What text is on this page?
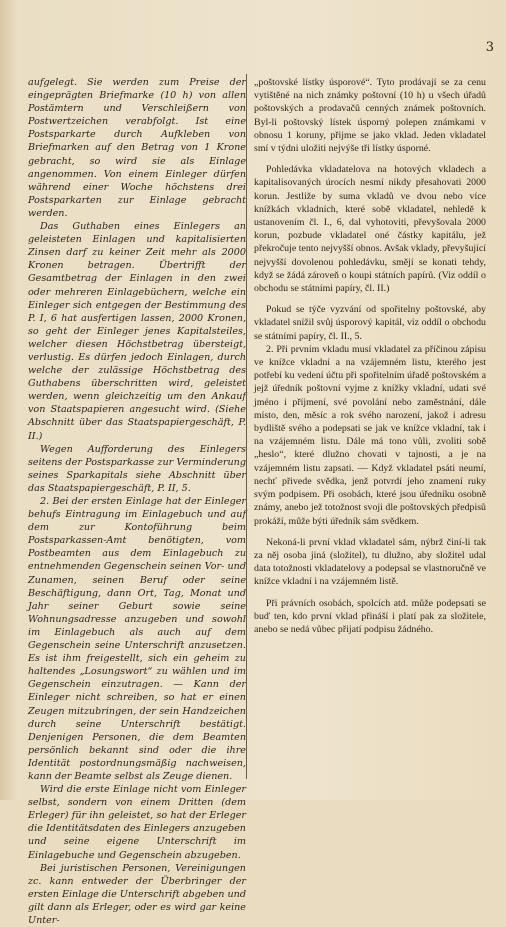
3

aufgelegt. Sie werden zum Preise der eingeprägten Briefmarke (10 h) von allen Postämtern und Verschleißern von Postwertzeichen verabfolgt. Ist eine Postsparkarte durch Aufkleben von Briefmarken auf den Betrag von 1 Krone gebracht, so wird sie als Einlage angenommen. Von einem Einleger dürfen während einer Woche höchstens drei Postsparkarten zur Einlage gebracht werden.

Das Guthaben eines Einlegers an geleisteten Einlagen und kapitalisierten Zinsen darf zu keiner Zeit mehr als 2000 Kronen betragen. Übertrifft der Gesamtbetrag der Einlagen in den zwei oder mehreren Einlagebüchern, welche ein Einleger sich entgegen der Bestimmung des P. I, 6 hat ausfertigen lassen, 2000 Kronen, so geht der Einleger jenes Kapitalsteiles, welcher diesen Höchstbetrag übersteigt, verlustig. Es dürfen jedoch Einlagen, durch welche der zulässige Höchstbetrag des Guthabens überschritten wird, geleistet werden, wenn gleichzeitig um den Ankauf von Staatspapieren angesucht wird. (Siehe Abschnitt über das Staatspapiergeschäft, P. II.)

Wegen Aufforderung des Einlegers seitens der Postsparkasse zur Verminderung seines Sparkapitals siehe Abschnitt über das Staatspapiergeschäft, P. II, 5.

2. Bei der ersten Einlage hat der Einleger behufs Eintragung im Einlagebuch und auf dem zur Kontoführung beim Postsparkassen-Amt benötigten, vom Postbeamten aus dem Einlagebuch zu entnehmenden Gegenschein seinen Vor- und Zunamen, seinen Beruf oder seine Beschäftigung, dann Ort, Tag, Monat und Jahr seiner Geburt sowie seine Wohnungsadresse anzugeben und sowohl im Einlagebuch als auch auf dem Gegenschein seine Unterschrift anzusetzen. Es ist ihm freigestellt, sich ein geheim zu haltendes „Losungswort“ zu wählen und im Gegenschein einzutragen. — Kann der Einleger nicht schreiben, so hat er einen Zeugen mitzubringen, der sein Handzeichen durch seine Unterschrift bestätigt. Denjenigen Personen, die dem Beamten persönlich bekannt sind oder die ihre Identität postordnungsmäßig nachweisen, kann der Beamte selbst als Zeuge dienen.

Wird die erste Einlage nicht vom Einleger selbst, sondern von einem Dritten (dem Erleger) für ihn geleistet, so hat der Erleger die Identitätsdaten des Einlegers anzugeben und seine eigene Unterschrift im Einlagebuche und Gegenschein abzugeben.

Bei juristischen Personen, Vereinigungen zc. kann entweder der Überbringer der ersten Einlage die Unterschrift abgeben und gilt dann als Erleger, oder es wird gar keine Unter-

„poštovské lístky úsporové“. Tyto prodávají se za cenu vytištěné na nich známky poštovní (10 h) u všech úřadů poštovských a prodavačů cenných známek poštovních. Byl-li poštovský lístek úsporný polepen známkami v obnosu 1 koruny, přijme se jako vklad. Jeden vkladatel smí v týdni uložiti nejvýše tři lístky úsporné.

Pohledávka vkladatelova na hotových vkladech a kapitalisovaných úrocích nesmí nikdy přesahovati 2000 korun. Jestliže by suma vkladů ve dvou nebo více knížkách vkladních, které sobě vkladatel, nehledě k ustanovením čl. I., 6, dal vyhotoviti, převyšovala 2000 korun, pozbude vkladatel oné částky kapitálu, jež překročuje tento nejvyšší obnos. Avšak vklady, převyšující nejvyšší dovolenou pohledávku, smějí se konati tehdy, když se žádá zároveň o koupi státních papírů. (Viz oddíl o obchodu se státními papíry, čl. II.)

Pokud se týče vyzvání od spořitelny poštovské, aby vkladatel snížil svůj úsporový kapitál, viz oddíl o obchodu se státními papíry, čl. II., 5.

2. Při prvním vkladu musí vkladatel za příčinou zápisu ve knížce vkladní a na vzájemném listu, kterého jest potřebí ku vedení účtu při spořitelním úřadě poštovském a jejž úředník poštovní vyjme z knížky vkladní, udati své jméno i příjmení, své povolání nebo zaměstnání, dále místo, den, měsíc a rok svého narození, jakož i adresu bydliště svého a podepsati se jak ve knížce vkladní, tak i na vzájemném listu. Dále má tono vůli, zvoliti sobě „heslo“, které dlužno chovati v tajnosti, a je na vzájemném listu zapsati. — Když vkladatel psáti neumí, nechť přivede svědka, jenž potvrdí jeho znamení ruky svým podpisem. Při osobách, které jsou úředníku osobně známy, anebo jež totožnost svoji dle poštovských předpisů prokáží, může býti úředník sám svědkem.

Nekoná-li první vklad vkladatel sám, nýbrž činí-li tak za něj osoba jiná (složitel), tu dlužno, aby složitel udal data totožnosti vkladatelovy a podepsal se vlastnoručně ve knížce vkladní i na vzájemném listě.

Při právních osobách, spolcích atd. může podepsati se buď ten, kdo první vklad přináší i platí pak za složitele, anebo se nedá vůbec přijatí podpisu žádného.
